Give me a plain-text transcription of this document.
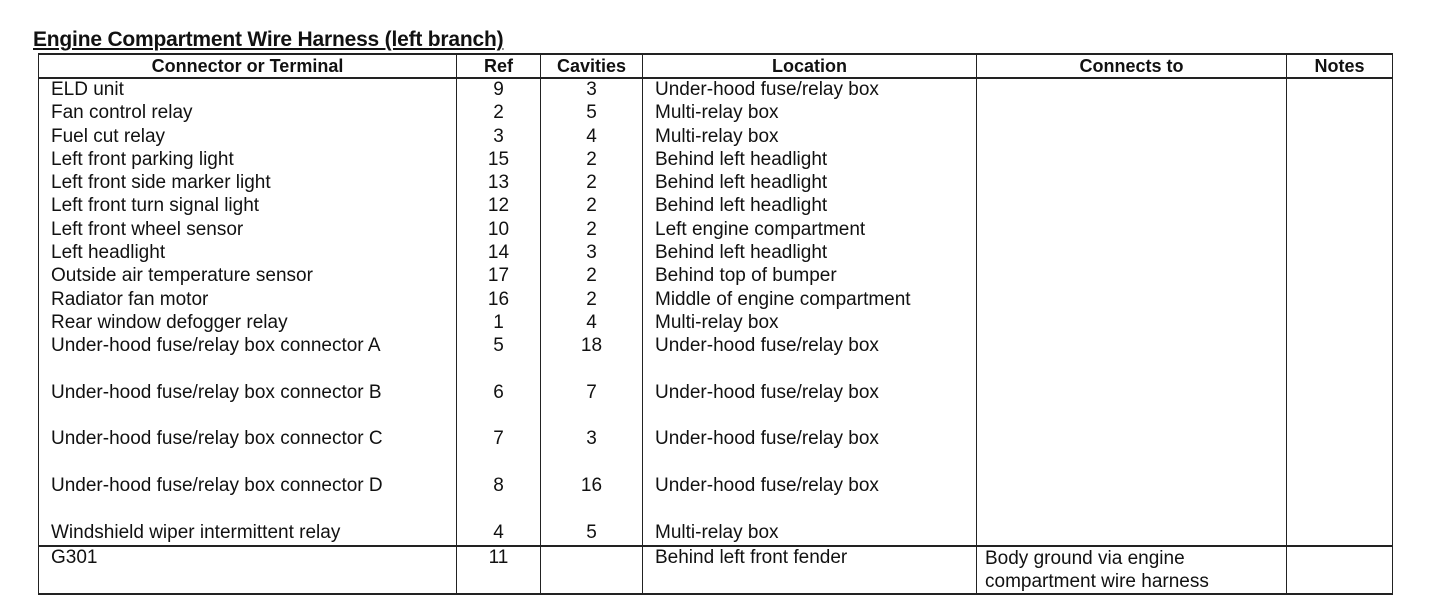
Engine Compartment Wire Harness (left branch)
Connector or Terminal	Ref	Cavities	Location	Connects to	Notes
ELD unit	9	3	Under-hood fuse/relay box		
Fan control relay	2	5	Multi-relay box		
Fuel cut relay	3	4	Multi-relay box		
Left front parking light	15	2	Behind left headlight		
Left front side marker light	13	2	Behind left headlight		
Left front turn signal light	12	2	Behind left headlight		
Left front wheel sensor	10	2	Left engine compartment		
Left headlight	14	3	Behind left headlight		
Outside air temperature sensor	17	2	Behind top of bumper		
Radiator fan motor	16	2	Middle of engine compartment		
Rear window defogger relay	1	4	Multi-relay box		
Under-hood fuse/relay box connector A	5	18	Under-hood fuse/relay box		
Under-hood fuse/relay box connector B	6	7	Under-hood fuse/relay box		
Under-hood fuse/relay box connector C	7	3	Under-hood fuse/relay box		
Under-hood fuse/relay box connector D	8	16	Under-hood fuse/relay box		
Windshield wiper intermittent relay	4	5	Multi-relay box		
G301	11		Behind left front fender	Body ground via engine compartment wire harness	
